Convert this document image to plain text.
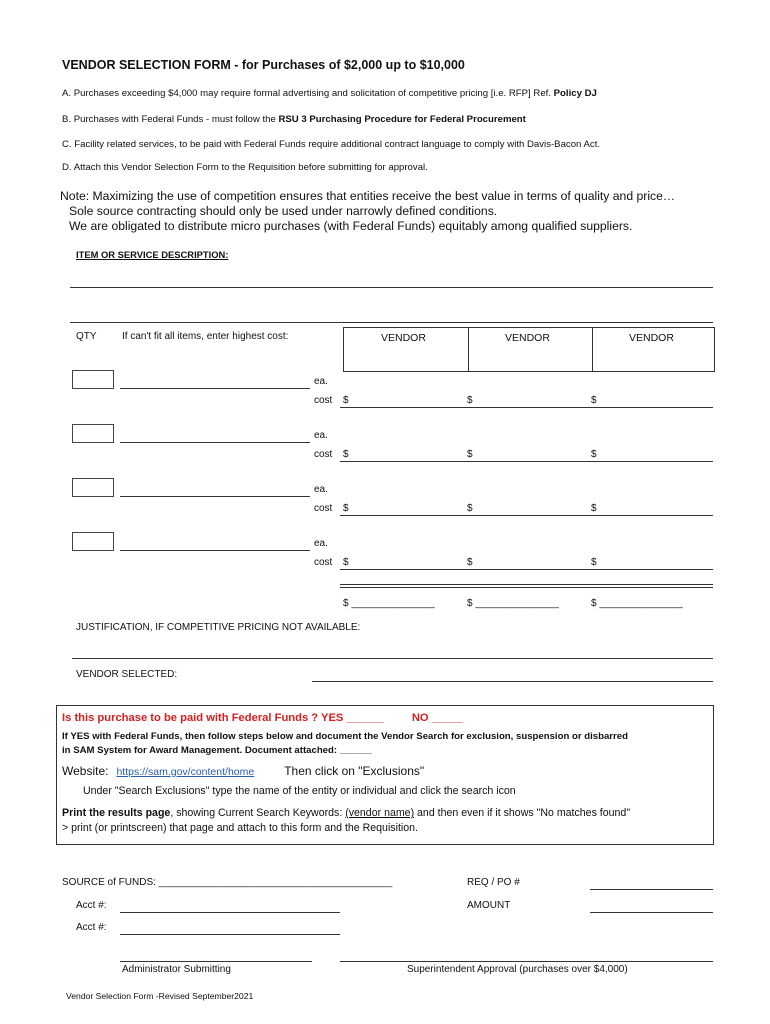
VENDOR SELECTION FORM - for Purchases of $2,000 up to $10,000
A. Purchases exceeding $4,000 may require formal advertising and solicitation of competitive pricing [i.e. RFP] Ref. Policy DJ
B. Purchases with Federal Funds - must follow the RSU 3 Purchasing Procedure for Federal Procurement
C. Facility related services, to be paid with Federal Funds require additional contract language to comply with Davis-Bacon Act.
D. Attach this Vendor Selection Form to the Requisition before submitting for approval.
Note: Maximizing the use of competition ensures that entities receive the best value in terms of quality and price…
Sole source contracting should only be used under narrowly defined conditions.
We are obligated to distribute micro purchases (with Federal Funds) equitably among qualified suppliers.
ITEM OR SERVICE DESCRIPTION:
QTY	If can't fit all items, enter highest cost:	VENDOR	VENDOR	VENDOR
ea.
cost $	$	$
ea.
cost $	$	$
ea.
cost $	$	$
ea.
cost $	$	$
$ _______________	$ _______________	$ _______________
JUSTIFICATION, IF COMPETITIVE PRICING NOT AVAILABLE:
VENDOR SELECTED:
Is this purchase to be paid with Federal Funds ? YES ______	NO _____
If YES with Federal Funds, then follow steps below and document the Vendor Search for exclusion, suspension or disbarred
in SAM System for Award Management. Document attached: ______
Website: https://sam.gov/content/home	Then click on "Exclusions"
Under "Search Exclusions" type the name of the entity or individual and click the search icon
Print the results page, showing Current Search Keywords: (vendor name) and then even if it shows "No matches found"
> print (or printscreen) that page and attach to this form and the Requisition.
SOURCE of FUNDS: __________________________________________	REQ / PO #
Acct #:	AMOUNT
Acct #:
Administrator Submitting	Superintendent Approval (purchases over $4,000)
Vendor Selection Form -Revised September2021
